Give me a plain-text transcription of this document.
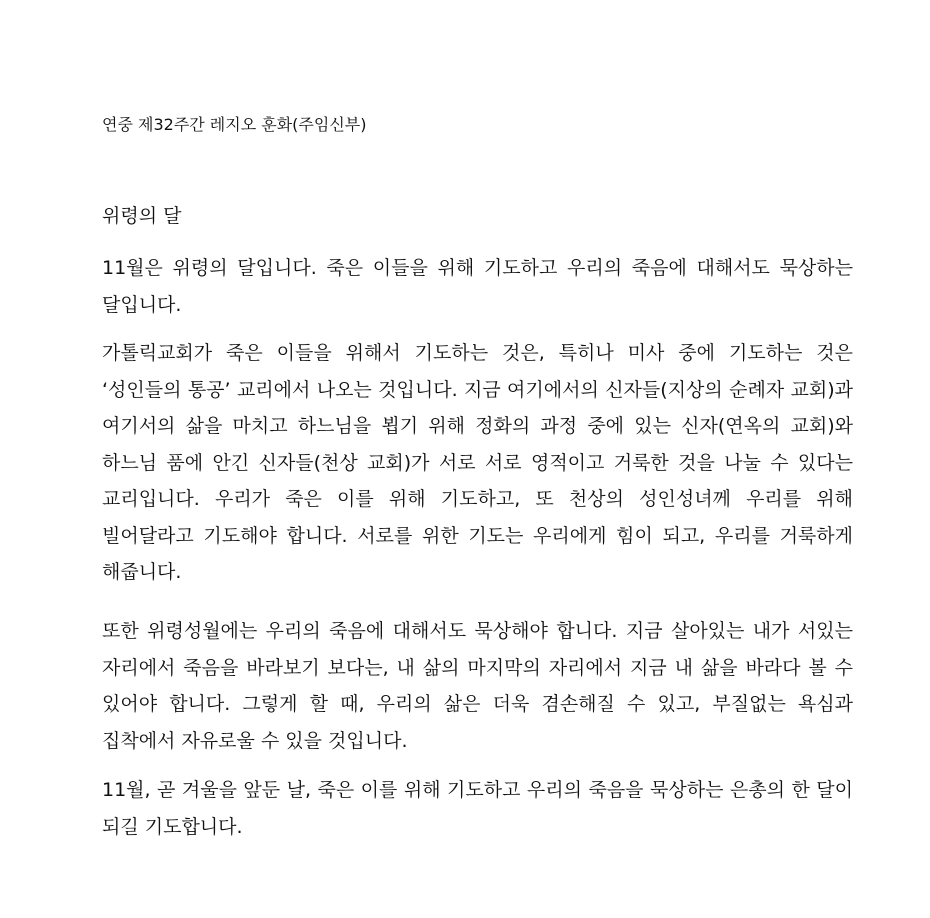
연중 제32주간 레지오 훈화(주임신부)
위령의 달

11월은 위령의 달입니다. 죽은 이들을 위해 기도하고 우리의 죽음에 대해서도 묵상하는 달입니다.

가톨릭교회가 죽은 이들을 위해서 기도하는 것은, 특히나 미사 중에 기도하는 것은 ‘성인들의 통공’ 교리에서 나오는 것입니다. 지금 여기에서의 신자들(지상의 순례자 교회)과 여기서의 삶을 마치고 하느님을 뵙기 위해 정화의 과정 중에 있는 신자(연옥의 교회)와 하느님 품에 안긴 신자들(천상 교회)가 서로 서로 영적이고 거룩한 것을 나눌 수 있다는 교리입니다. 우리가 죽은 이를 위해 기도하고, 또 천상의 성인성녀께 우리를 위해 빌어달라고 기도해야 합니다. 서로를 위한 기도는 우리에게 힘이 되고, 우리를 거룩하게 해줍니다.

또한 위령성월에는 우리의 죽음에 대해서도 묵상해야 합니다. 지금 살아있는 내가 서있는 자리에서 죽음을 바라보기 보다는, 내 삶의 마지막의 자리에서 지금 내 삶을 바라다 볼 수 있어야 합니다. 그렇게 할 때, 우리의 삶은 더욱 겸손해질 수 있고, 부질없는 욕심과 집착에서 자유로울 수 있을 것입니다.

11월, 곧 겨울을 앞둔 날, 죽은 이를 위해 기도하고 우리의 죽음을 묵상하는 은총의 한 달이 되길 기도합니다.
